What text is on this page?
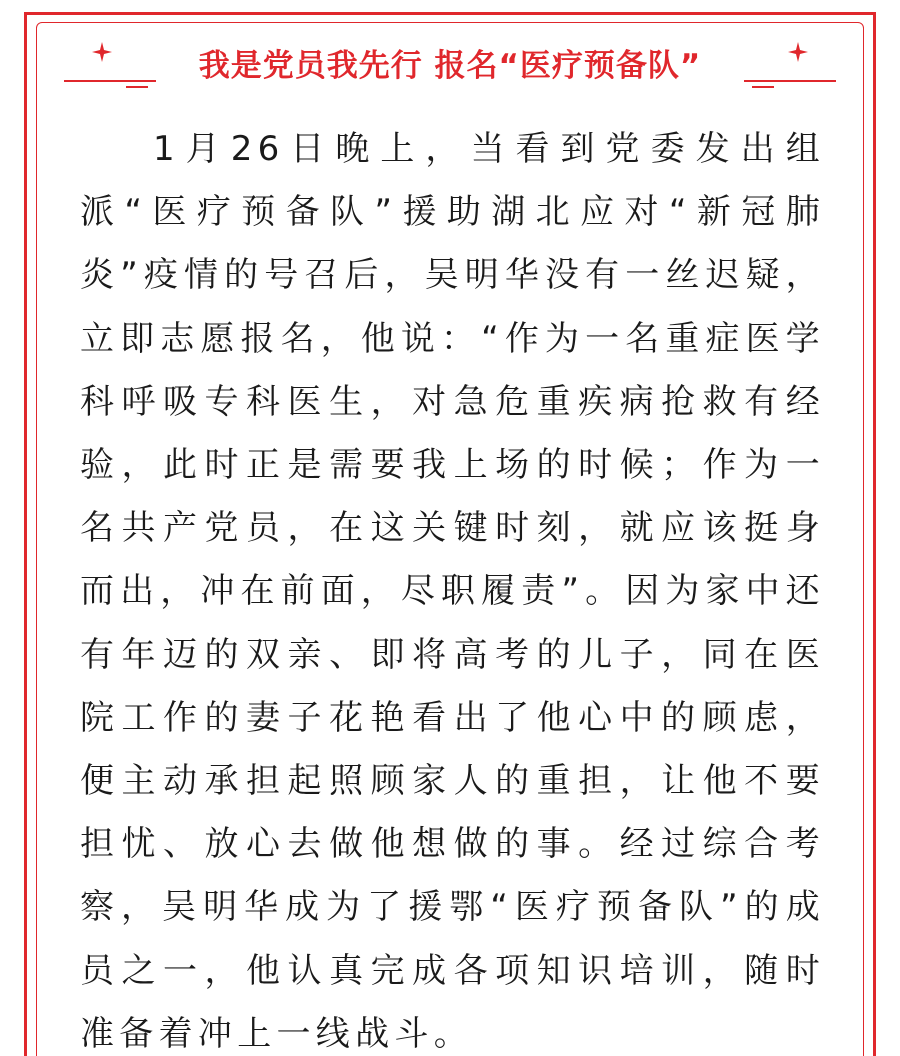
我是党员我先行 报名“医疗预备队”

1月26日晚上，当看到党委发出组派“医疗预备队”援助湖北应对“新冠肺炎”疫情的号召后，吴明华没有一丝迟疑，立即志愿报名，他说：“作为一名重症医学科呼吸专科医生，对急危重疾病抢救有经验，此时正是需要我上场的时候；作为一名共产党员，在这关键时刻，就应该挺身而出，冲在前面，尽职履责”。因为家中还有年迈的双亲、即将高考的儿子，同在医院工作的妻子花艳看出了他心中的顾虑，便主动承担起照顾家人的重担，让他不要担忧、放心去做他想做的事。经过综合考察，吴明华成为了援鄂“医疗预备队”的成员之一，他认真完成各项知识培训，随时准备着冲上一线战斗。
